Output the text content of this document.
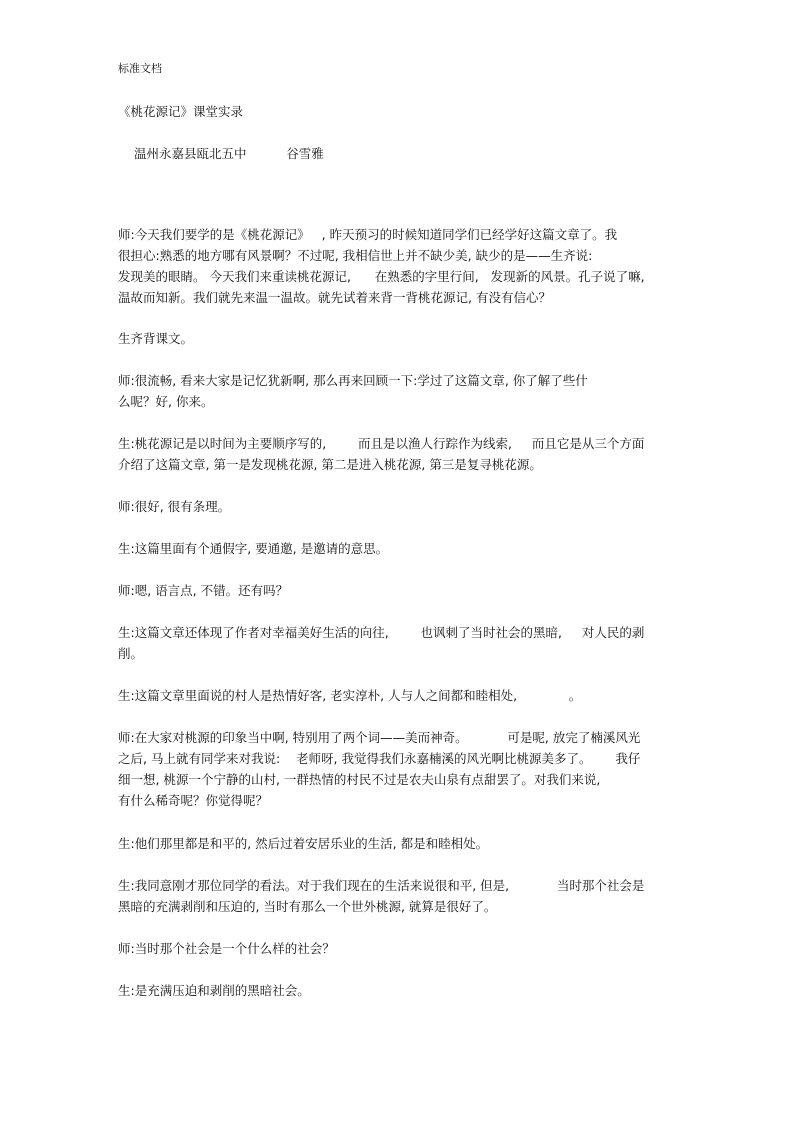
标准文档
《桃花源记》课堂实录
温州永嘉县瓯北五中          谷雪雅
师:今天我们要学的是《桃花源记》   , 昨天预习的时候知道同学们已经学好这篇文章了。我
很担心:熟悉的地方哪有风景啊？不过呢, 我相信世上并不缺少美, 缺少的是——生齐说:
发现美的眼睛。 今天我们来重读桃花源记,      在熟悉的字里行间,   发现新的风景。孔子说了嘛,
温故而知新。我们就先来温一温故。就先试着来背一背桃花源记, 有没有信心？
生齐背课文。
师:很流畅, 看来大家是记忆犹新啊, 那么再来回顾一下:学过了这篇文章, 你了解了些什
么呢？好, 你来。
生:桃花源记是以时间为主要顺序写的,        而且是以渔人行踪作为线索,     而且它是从三个方面
介绍了这篇文章, 第一是发现桃花源, 第二是进入桃花源, 第三是复寻桃花源。
师:很好, 很有条理。
生:这篇里面有个通假字, 要通邀, 是邀请的意思。
师:嗯, 语言点, 不错。还有吗？
生:这篇文章还体现了作者对幸福美好生活的向往,        也讽刺了当时社会的黑暗,     对人民的剥
削。
生:这篇文章里面说的村人是热情好客, 老实淳朴, 人与人之间都和睦相处,             。
师:在大家对桃源的印象当中啊, 特别用了两个词——美而神奇。          可是呢, 放完了楠溪风光
之后, 马上就有同学来对我说:    老师呀, 我觉得我们永嘉楠溪的风光啊比桃源美多了。      我仔
细一想, 桃源一个宁静的山村, 一群热情的村民不过是农夫山泉有点甜罢了。对我们来说,
有什么稀奇呢？你觉得呢？
生:他们那里都是和平的, 然后过着安居乐业的生活, 都是和睦相处。
生:我同意刚才那位同学的看法。对于我们现在的生活来说很和平, 但是,            当时那个社会是
黑暗的充满剥削和压迫的, 当时有那么一个世外桃源, 就算是很好了。
师:当时那个社会是一个什么样的社会？
生:是充满压迫和剥削的黑暗社会。
